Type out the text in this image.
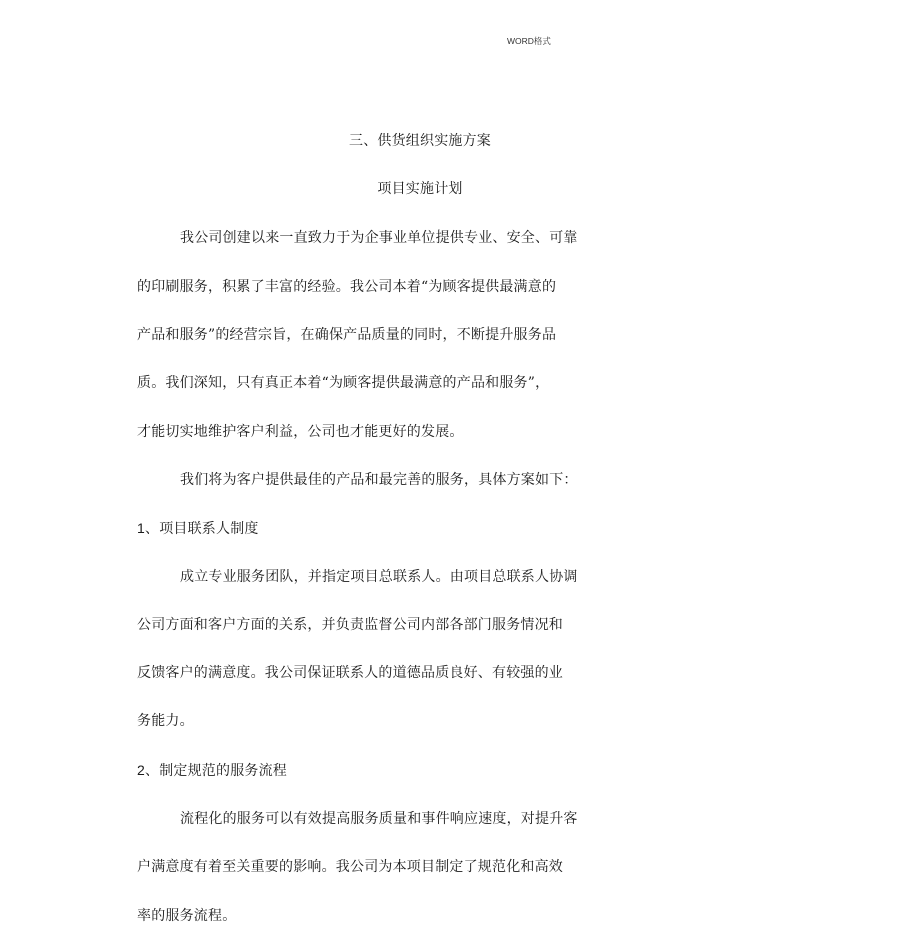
WORD格式
三、供货组织实施方案
项目实施计划
我公司创建以来一直致力于为企事业单位提供专业、安全、可靠
的印刷服务，积累了丰富的经验。我公司本着“为顾客提供最满意的
产品和服务”的经营宗旨，在确保产品质量的同时，不断提升服务品
质。我们深知，只有真正本着“为顾客提供最满意的产品和服务”，
才能切实地维护客户利益，公司也才能更好的发展。
我们将为客户提供最佳的产品和最完善的服务，具体方案如下：
1、项目联系人制度
成立专业服务团队，并指定项目总联系人。由项目总联系人协调
公司方面和客户方面的关系，并负责监督公司内部各部门服务情况和
反馈客户的满意度。我公司保证联系人的道德品质良好、有较强的业
务能力。
2、制定规范的服务流程
流程化的服务可以有效提高服务质量和事件响应速度，对提升客
户满意度有着至关重要的影响。我公司为本项目制定了规范化和高效
率的服务流程。
